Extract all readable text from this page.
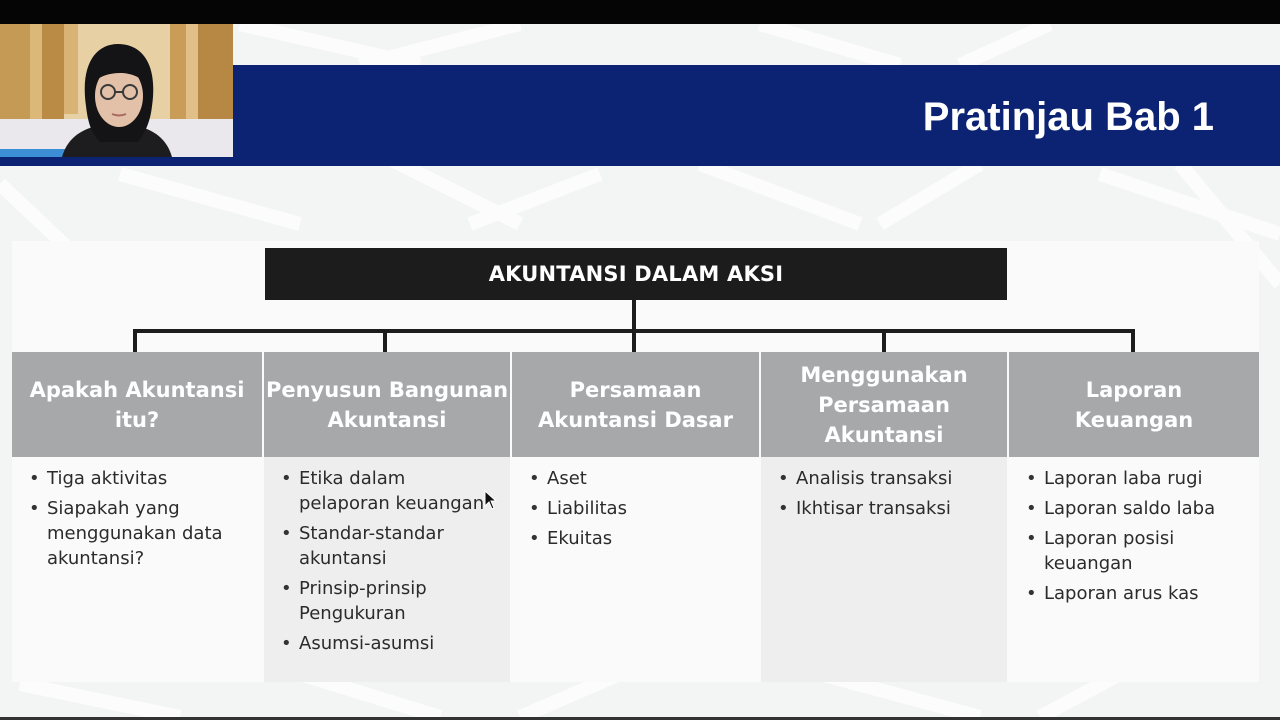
Pratinjau Bab 1
AKUNTANSI DALAM AKSI
Apakah Akuntansi itu?
• Tiga aktivitas
• Siapakah yang menggunakan data akuntansi?
Penyusun Bangunan Akuntansi
• Etika dalam pelaporan keuangan
• Standar-standar akuntansi
• Prinsip-prinsip Pengukuran
• Asumsi-asumsi
Persamaan Akuntansi Dasar
• Aset
• Liabilitas
• Ekuitas
Menggunakan Persamaan Akuntansi
• Analisis transaksi
• Ikhtisar transaksi
Laporan Keuangan
• Laporan laba rugi
• Laporan saldo laba
• Laporan posisi keuangan
• Laporan arus kas
